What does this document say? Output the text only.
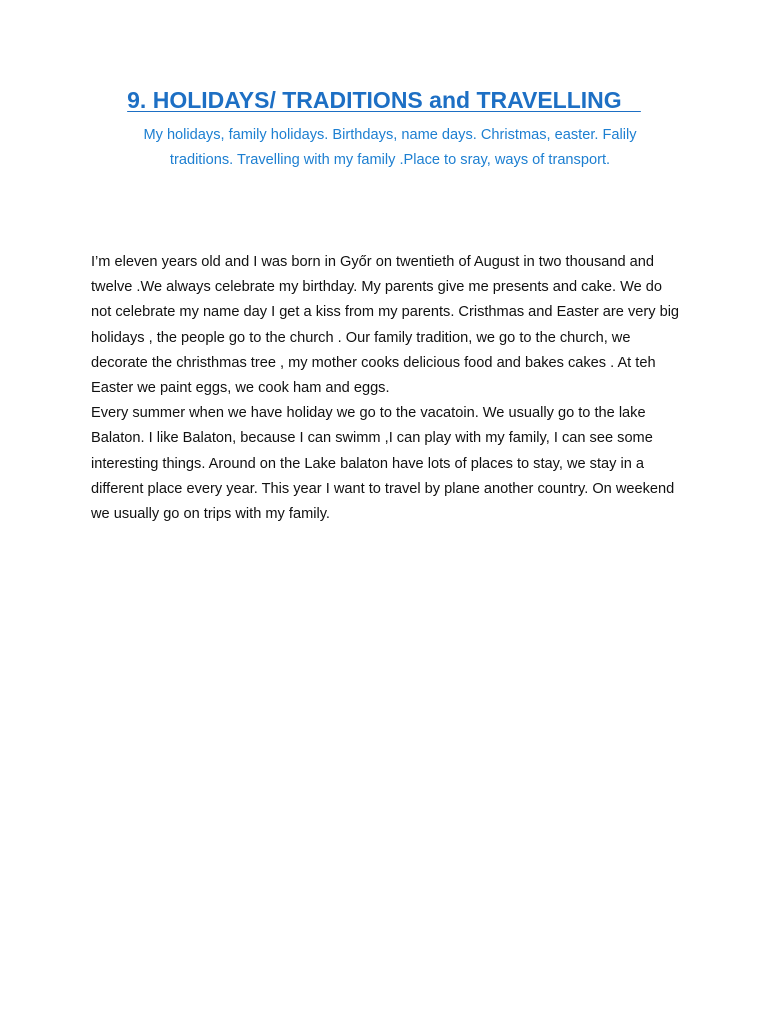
9. HOLIDAYS/ TRADITIONS and TRAVELLING

My holidays, family holidays. Birthdays, name days. Christmas, easter. Falily traditions. Travelling with my family .Place to sray, ways of transport.

I’m eleven years old and I was born in Győr on twentieth of August in two thousand and twelve .We always celebrate my birthday. My parents give me presents and cake. We do not celebrate my name day I get a kiss from my parents. Cristhmas and Easter are very big holidays , the people go to the church . Our family tradition, we go to the church, we decorate the christhmas tree , my mother cooks delicious food and bakes cakes . At teh Easter we paint eggs, we cook ham and eggs.

Every summer when we have holiday we go to the vacatoin. We usually go to the lake Balaton. I like Balaton, because I can swimm ,I can play with my family, I can see some interesting things. Around on the Lake balaton have lots of places to stay, we stay in a different place every year. This year I want to travel by plane another country. On weekend we usually go on trips with my family.
